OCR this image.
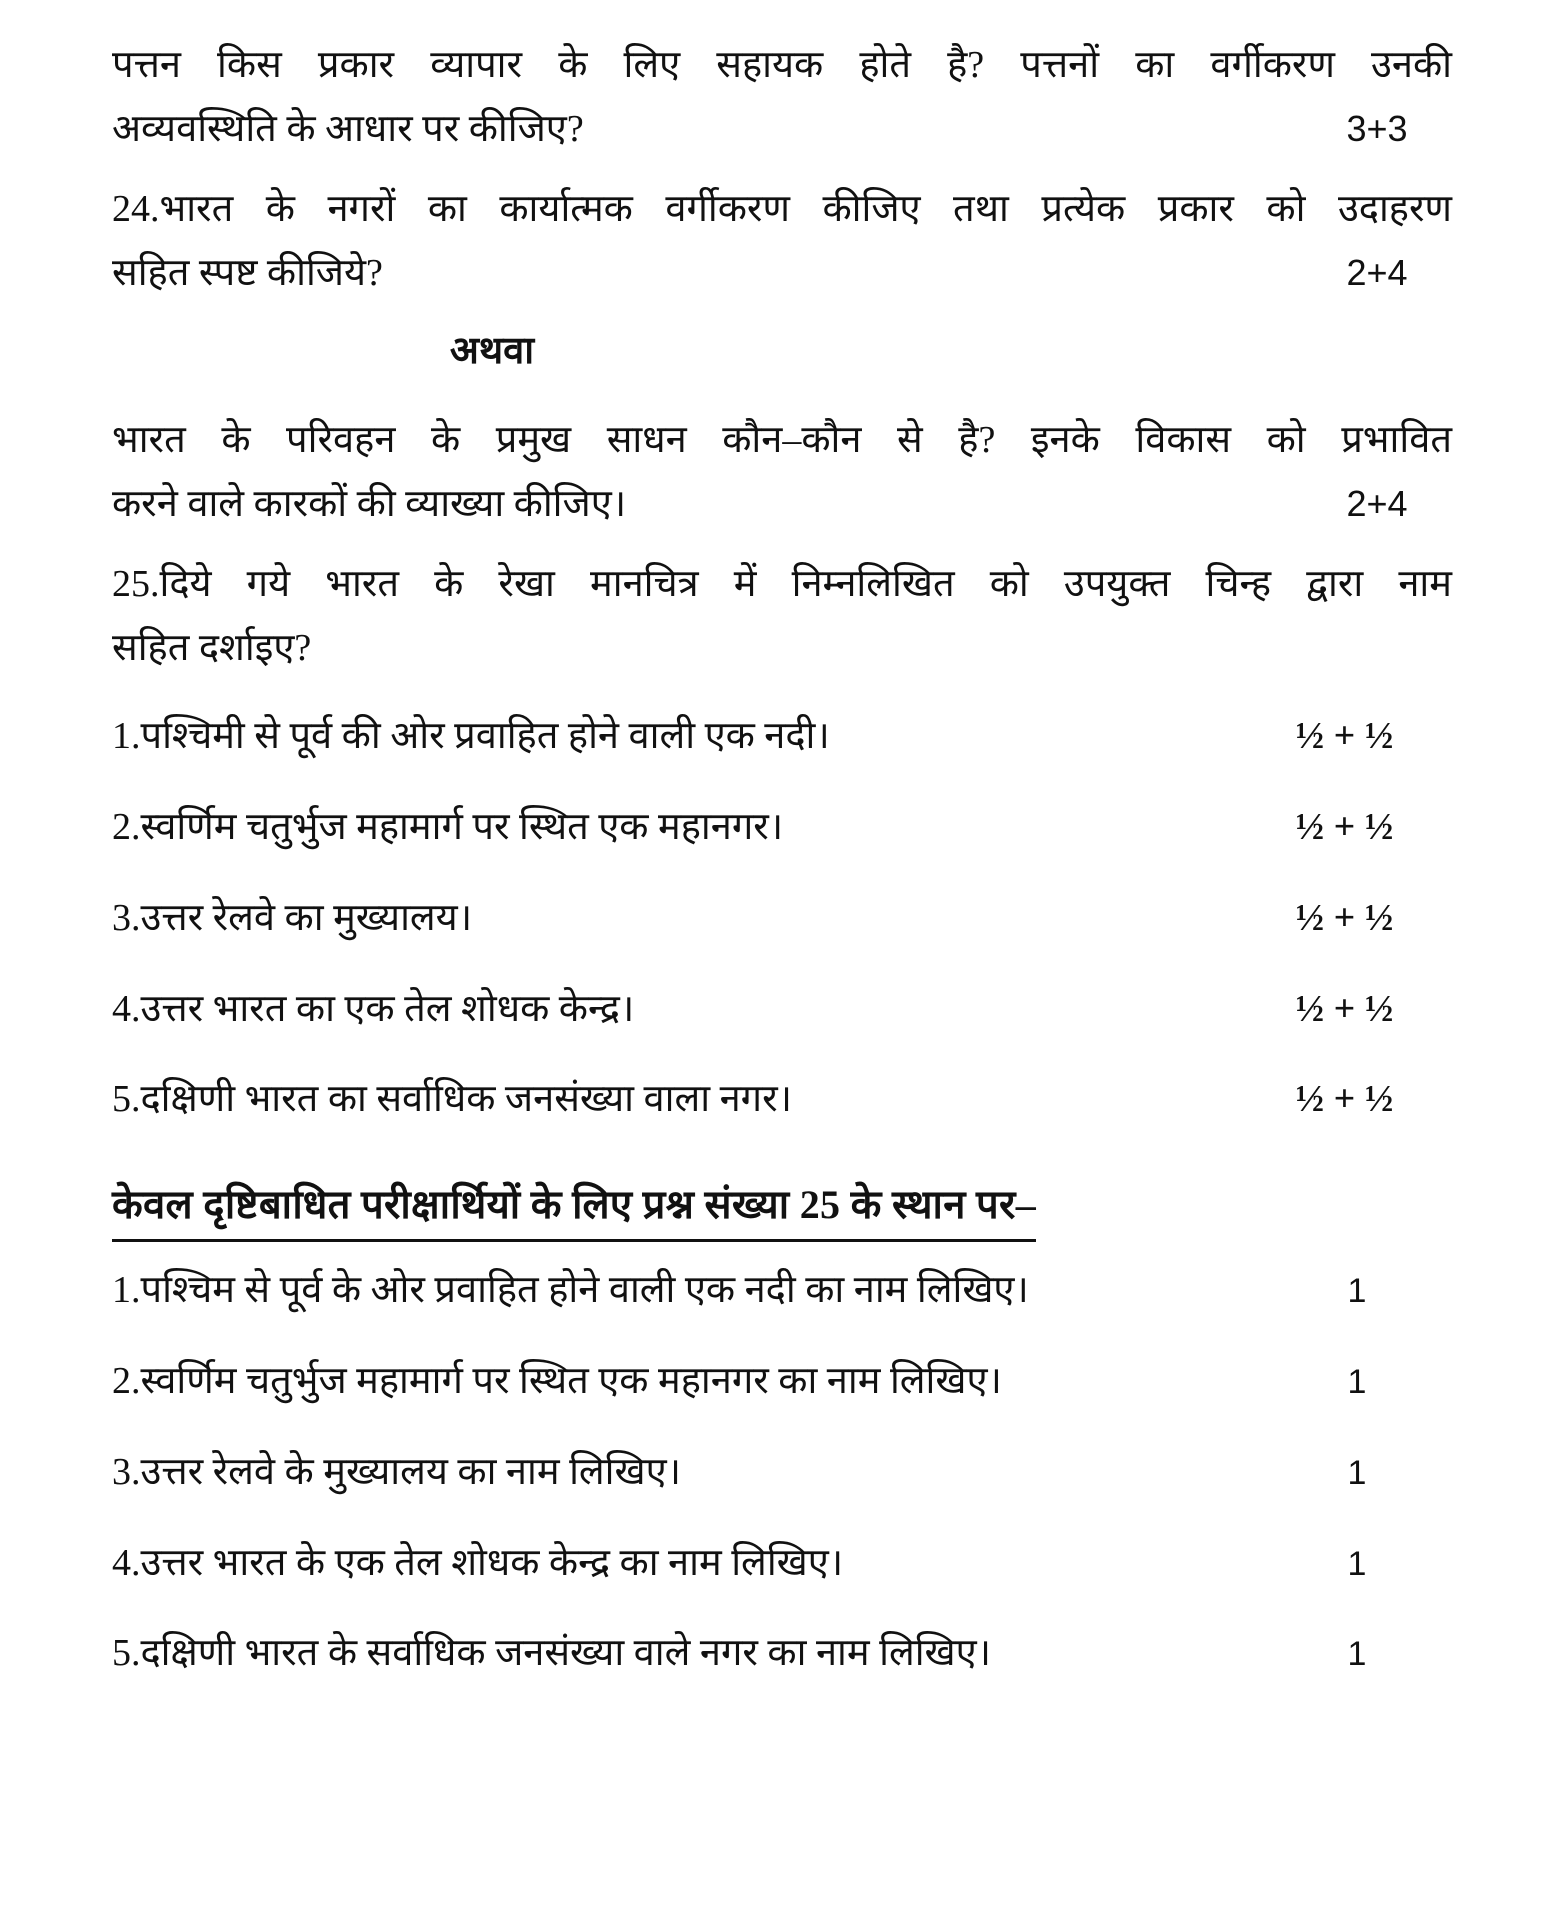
पत्तन किस प्रकार व्यापार के लिए सहायक होते है? पत्तनों का वर्गीकरण उनकी
अव्यवस्थिति के आधार पर कीजिए?	3+3
24.भारत के नगरों का कार्यात्मक वर्गीकरण कीजिए तथा प्रत्येक प्रकार को उदाहरण
सहित स्पष्ट कीजिये?	2+4
अथवा
भारत के परिवहन के प्रमुख साधन कौन–कौन से है? इनके विकास को प्रभावित
करने वाले कारकों की व्याख्या कीजिए।	2+4
25.दिये गये भारत के रेखा मानचित्र में निम्नलिखित को उपयुक्त चिन्ह द्वारा नाम
सहित दर्शाइए?
1.पश्चिमी से पूर्व की ओर प्रवाहित होने वाली एक नदी।	½ + ½
2.स्वर्णिम चतुर्भुज महामार्ग पर स्थित एक महानगर।	½ + ½
3.उत्तर रेलवे का मुख्यालय।	½ + ½
4.उत्तर भारत का एक तेल शोधक केन्द्र।	½ + ½
5.दक्षिणी भारत का सर्वाधिक जनसंख्या वाला नगर।	½ + ½
केवल दृष्टिबाधित परीक्षार्थियों के लिए प्रश्न संख्या 25 के स्थान पर–
1.पश्चिम से पूर्व के ओर प्रवाहित होने वाली एक नदी का नाम लिखिए।	1
2.स्वर्णिम चतुर्भुज महामार्ग पर स्थित एक महानगर का नाम लिखिए।	1
3.उत्तर रेलवे के मुख्यालय का नाम लिखिए।	1
4.उत्तर भारत के एक तेल शोधक केन्द्र का नाम लिखिए।	1
5.दक्षिणी भारत के सर्वाधिक जनसंख्या वाले नगर का नाम लिखिए।	1
